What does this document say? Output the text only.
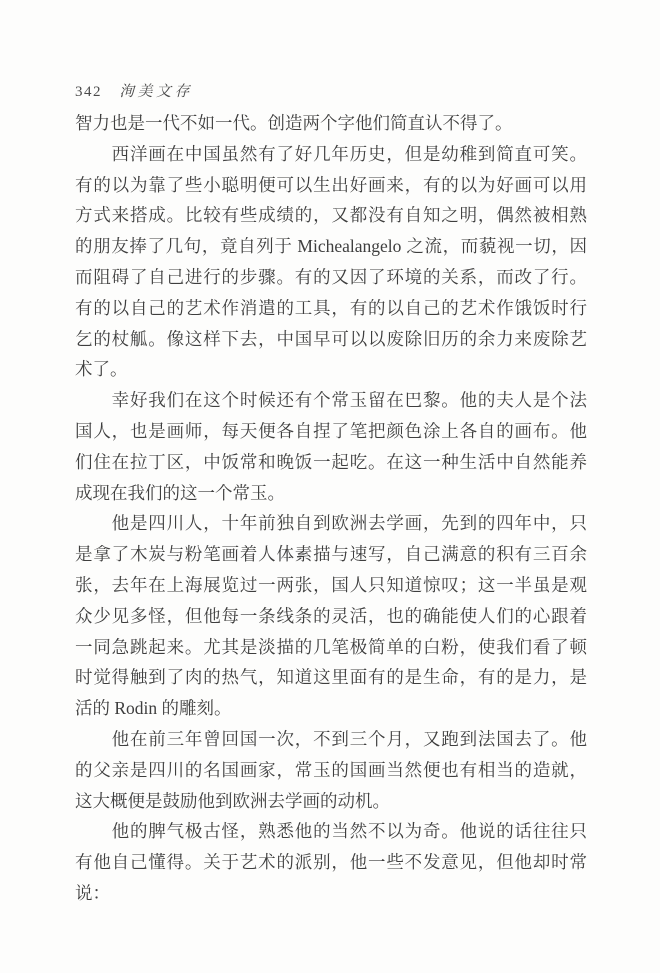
342 洵美文存
智力也是一代不如一代。创造两个字他们简直认不得了。
　　西洋画在中国虽然有了好几年历史，但是幼稚到简直可笑。
有的以为靠了些小聪明便可以生出好画来，有的以为好画可以用
方式来搭成。比较有些成绩的，又都没有自知之明，偶然被相熟
的朋友捧了几句，竟自列于 Michealangelo 之流，而藐视一切，因
而阻碍了自己进行的步骤。有的又因了环境的关系，而改了行。
有的以自己的艺术作消遣的工具，有的以自己的艺术作饿饭时行
乞的杖觚。像这样下去，中国早可以以废除旧历的余力来废除艺
术了。
　　幸好我们在这个时候还有个常玉留在巴黎。他的夫人是个法
国人，也是画师，每天便各自捏了笔把颜色涂上各自的画布。他
们住在拉丁区，中饭常和晚饭一起吃。在这一种生活中自然能养
成现在我们的这一个常玉。
　　他是四川人，十年前独自到欧洲去学画，先到的四年中，只
是拿了木炭与粉笔画着人体素描与速写，自己满意的积有三百余
张，去年在上海展览过一两张，国人只知道惊叹；这一半虽是观
众少见多怪，但他每一条线条的灵活，也的确能使人们的心跟着
一同急跳起来。尤其是淡描的几笔极简单的白粉，使我们看了顿
时觉得触到了肉的热气，知道这里面有的是生命，有的是力，是
活的 Rodin 的雕刻。
　　他在前三年曾回国一次，不到三个月，又跑到法国去了。他
的父亲是四川的名国画家，常玉的国画当然便也有相当的造就，
这大概便是鼓励他到欧洲去学画的动机。
　　他的脾气极古怪，熟悉他的当然不以为奇。他说的话往往只
有他自己懂得。关于艺术的派别，他一些不发意见，但他却时常
说：
